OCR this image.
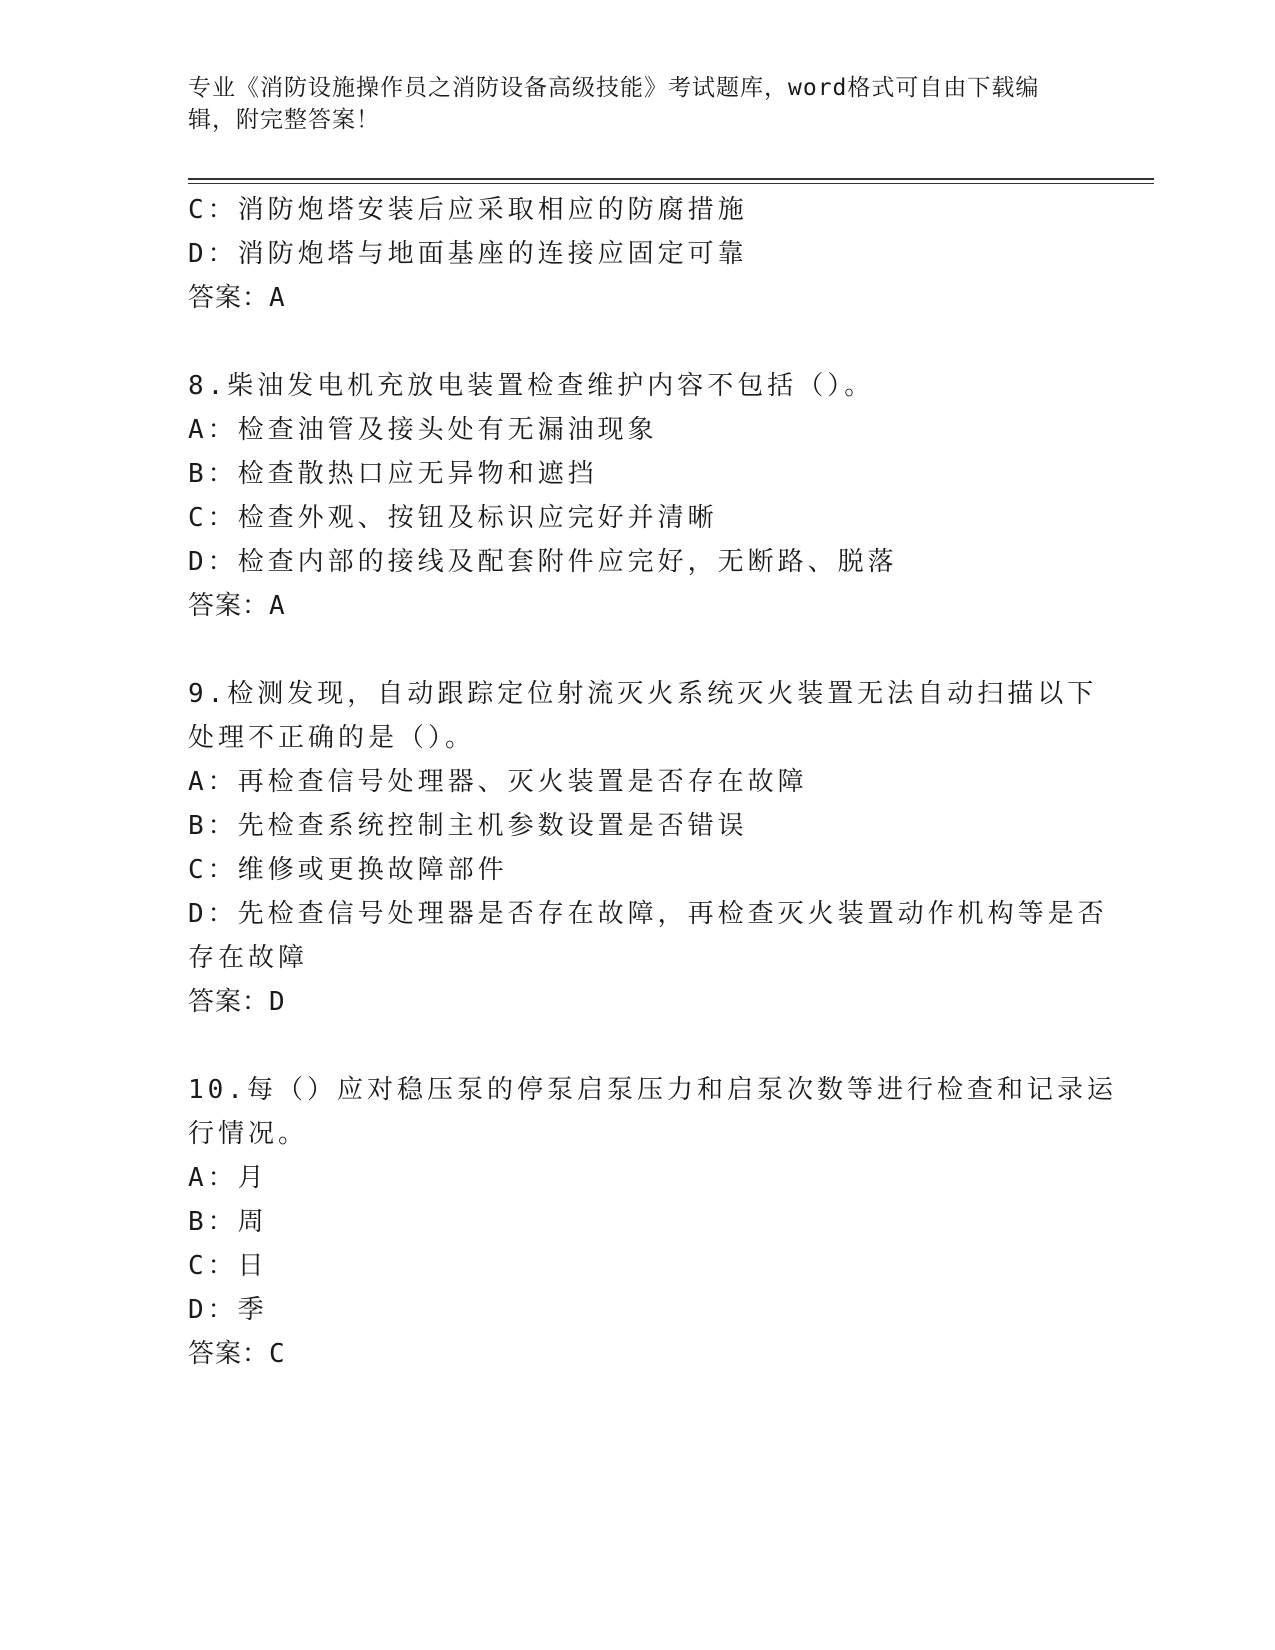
专业《消防设施操作员之消防设备高级技能》考试题库，word格式可自由下载编
辑，附完整答案！
C：消防炮塔安装后应采取相应的防腐措施
D：消防炮塔与地面基座的连接应固定可靠
答案：A
8.柴油发电机充放电装置检查维护内容不包括（）。
A：检查油管及接头处有无漏油现象
B：检查散热口应无异物和遮挡
C：检查外观、按钮及标识应完好并清晰
D：检查内部的接线及配套附件应完好，无断路、脱落
答案：A
9.检测发现，自动跟踪定位射流灭火系统灭火装置无法自动扫描以下
处理不正确的是（）。
A：再检查信号处理器、灭火装置是否存在故障
B：先检查系统控制主机参数设置是否错误
C：维修或更换故障部件
D：先检查信号处理器是否存在故障，再检查灭火装置动作机构等是否
存在故障
答案：D
10.每（）应对稳压泵的停泵启泵压力和启泵次数等进行检查和记录运
行情况。
A：月
B：周
C：日
D：季
答案：C
